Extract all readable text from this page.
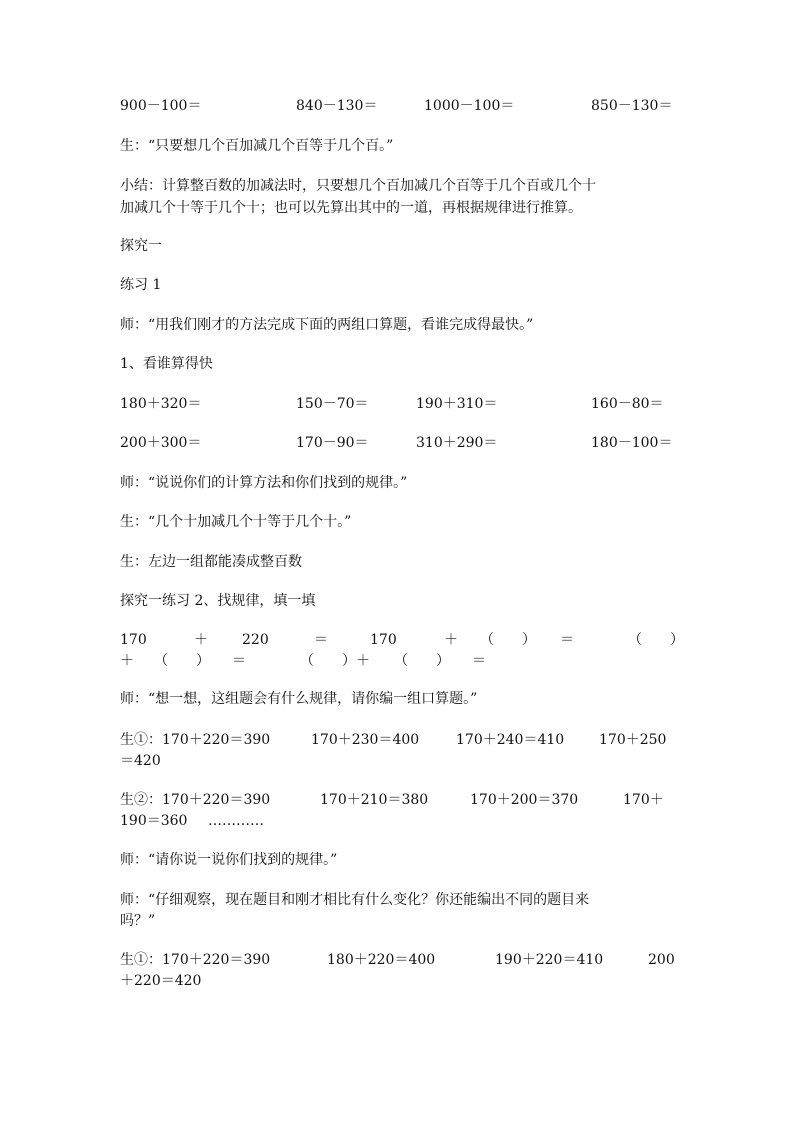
900－100＝	840－130＝	1000－100＝	850－130＝
生：“只要想几个百加减几个百等于几个百。”
小结：计算整百数的加减法时，只要想几个百加减几个百等于几个百或几个十
加减几个十等于几个十；也可以先算出其中的一道，再根据规律进行推算。
探究一
练习 1
师：“用我们刚才的方法完成下面的两组口算题，看谁完成得最快。”
1、看谁算得快
180＋320＝	150－70＝	190＋310＝	160－80＝
200＋300＝	170－90＝	310＋290＝	180－100＝
师：“说说你们的计算方法和你们找到的规律。”
生：“几个十加减几个十等于几个十。”
生：左边一组都能凑成整百数
探究一练习 2、找规律，填一填
170	＋ 220	＝	170	＋ （　　） ＝	（　　）
＋ （　　） ＝	（　　）＋ （　　） ＝
师：“想一想，这组题会有什么规律，请你编一组口算题。”
生①：170＋220＝390	170＋230＝400	170＋240＝410 170＋250
＝420
生②：170＋220＝390	170＋210＝380	170＋200＝370	170＋
190＝360 …………
师：“请你说一说你们找到的规律。”
师：“仔细观察，现在题目和刚才相比有什么变化？你还能编出不同的题目来
吗？”
生①：170＋220＝390	180＋220＝400	190＋220＝410	200
＋220＝420
